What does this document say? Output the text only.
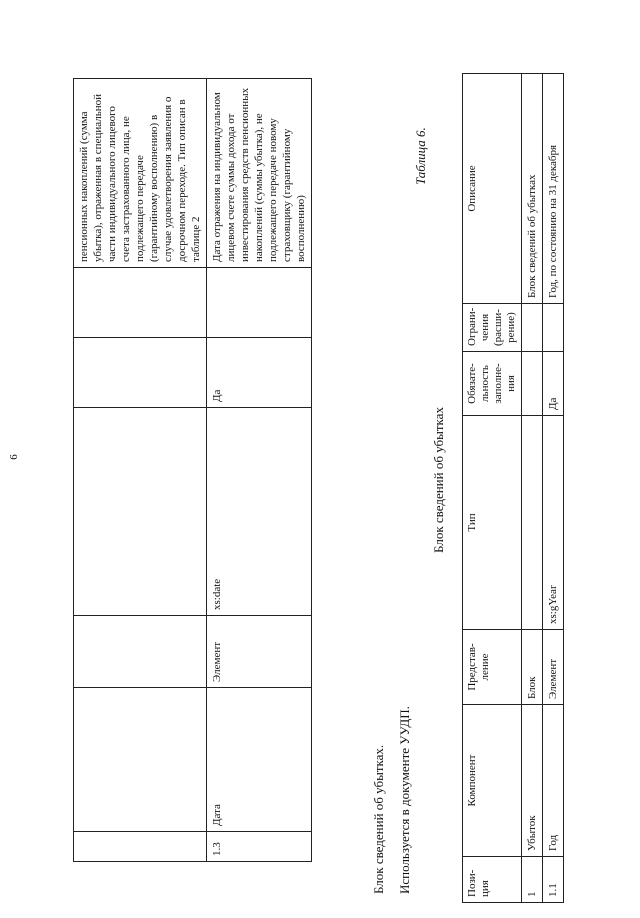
6
						пенсионных накоплений (сумма убытка), отраженная в специальной части индивидуального лицевого счета застрахованного лица, не подлежащего передаче (гарантийному восполнению) в случае удовлетворения заявления о досрочном переходе. Тип описан в таблице 2
1.3	Дата	Элемент	xs:date	Да		Дата отражения на индивидуальном лицевом счете суммы дохода от инвестирования средств пенсионных накоплений (суммы убытка), не подлежащего передаче новому страховщику (гарантийному восполнению)
Блок сведений об убытках. Используется в документе УУДП.
Таблица 6.
Блок сведений об убытках
Пози-ция	Компонент	Представ-ление	Тип	Обязате-льность заполне-ния	Ограни-чения (расши-рение)	Описание
1	Убыток	Блок				Блок сведений об убытках
1.1	Год	Элемент	xs:gYear	Да		Год, по состоянию на 31 декабря
